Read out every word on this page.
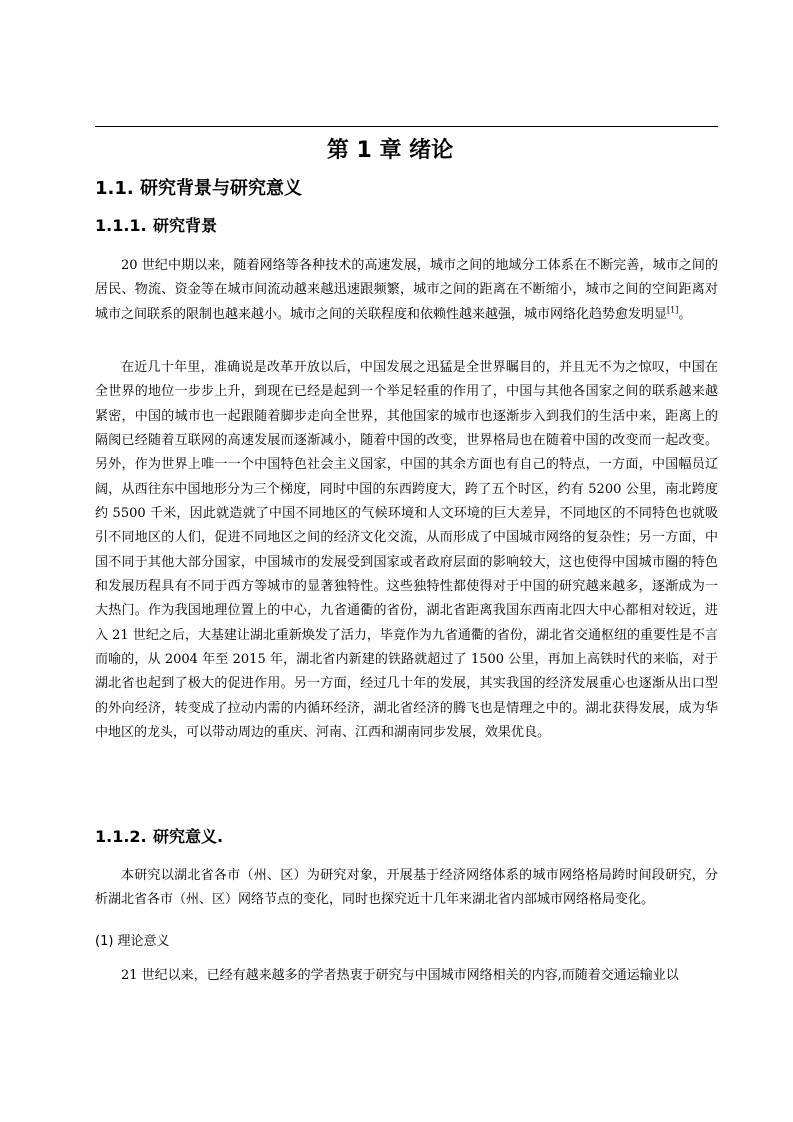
第 1 章 绪论
1.1. 研究背景与研究意义
1.1.1. 研究背景

20 世纪中期以来，随着网络等各种技术的高速发展，城市之间的地域分工体系在不断完善，城市之间的居民、物流、资金等在城市间流动越来越迅速跟频繁，城市之间的距离在不断缩小，城市之间的空间距离对城市之间联系的限制也越来越小。城市之间的关联程度和依赖性越来越强，城市网络化趋势愈发明显[1]。

在近几十年里，准确说是改革开放以后，中国发展之迅猛是全世界瞩目的，并且无不为之惊叹，中国在全世界的地位一步步上升，到现在已经是起到一个举足轻重的作用了，中国与其他各国家之间的联系越来越紧密，中国的城市也一起跟随着脚步走向全世界，其他国家的城市也逐渐步入到我们的生活中来，距离上的隔阂已经随着互联网的高速发展而逐渐减小，随着中国的改变，世界格局也在随着中国的改变而一起改变。另外，作为世界上唯一一个中国特色社会主义国家，中国的其余方面也有自己的特点，一方面，中国幅员辽阔，从西往东中国地形分为三个梯度，同时中国的东西跨度大，跨了五个时区，约有 5200 公里，南北跨度约 5500 千米，因此就造就了中国不同地区的气候环境和人文环境的巨大差异，不同地区的不同特色也就吸引不同地区的人们，促进不同地区之间的经济文化交流，从而形成了中国城市网络的复杂性；另一方面，中国不同于其他大部分国家，中国城市的发展受到国家或者政府层面的影响较大，这也使得中国城市圈的特色和发展历程具有不同于西方等城市的显著独特性。这些独特性都使得对于中国的研究越来越多，逐渐成为一大热门。作为我国地理位置上的中心，九省通衢的省份，湖北省距离我国东西南北四大中心都相对较近，进入 21 世纪之后，大基建让湖北重新焕发了活力，毕竟作为九省通衢的省份，湖北省交通枢纽的重要性是不言而喻的，从 2004 年至 2015 年，湖北省内新建的铁路就超过了 1500 公里，再加上高铁时代的来临，对于湖北省也起到了极大的促进作用。另一方面，经过几十年的发展，其实我国的经济发展重心也逐渐从出口型的外向经济，转变成了拉动内需的内循环经济，湖北省经济的腾飞也是情理之中的。湖北获得发展，成为华中地区的龙头，可以带动周边的重庆、河南、江西和湖南同步发展，效果优良。

1.1.2. 研究意义.

本研究以湖北省各市（州、区）为研究对象，开展基于经济网络体系的城市网络格局跨时间段研究，分析湖北省各市（州、区）网络节点的变化，同时也探究近十几年来湖北省内部城市网络格局变化。

(1) 理论意义

21 世纪以来，已经有越来越多的学者热衷于研究与中国城市网络相关的内容,而随着交通运输业以
